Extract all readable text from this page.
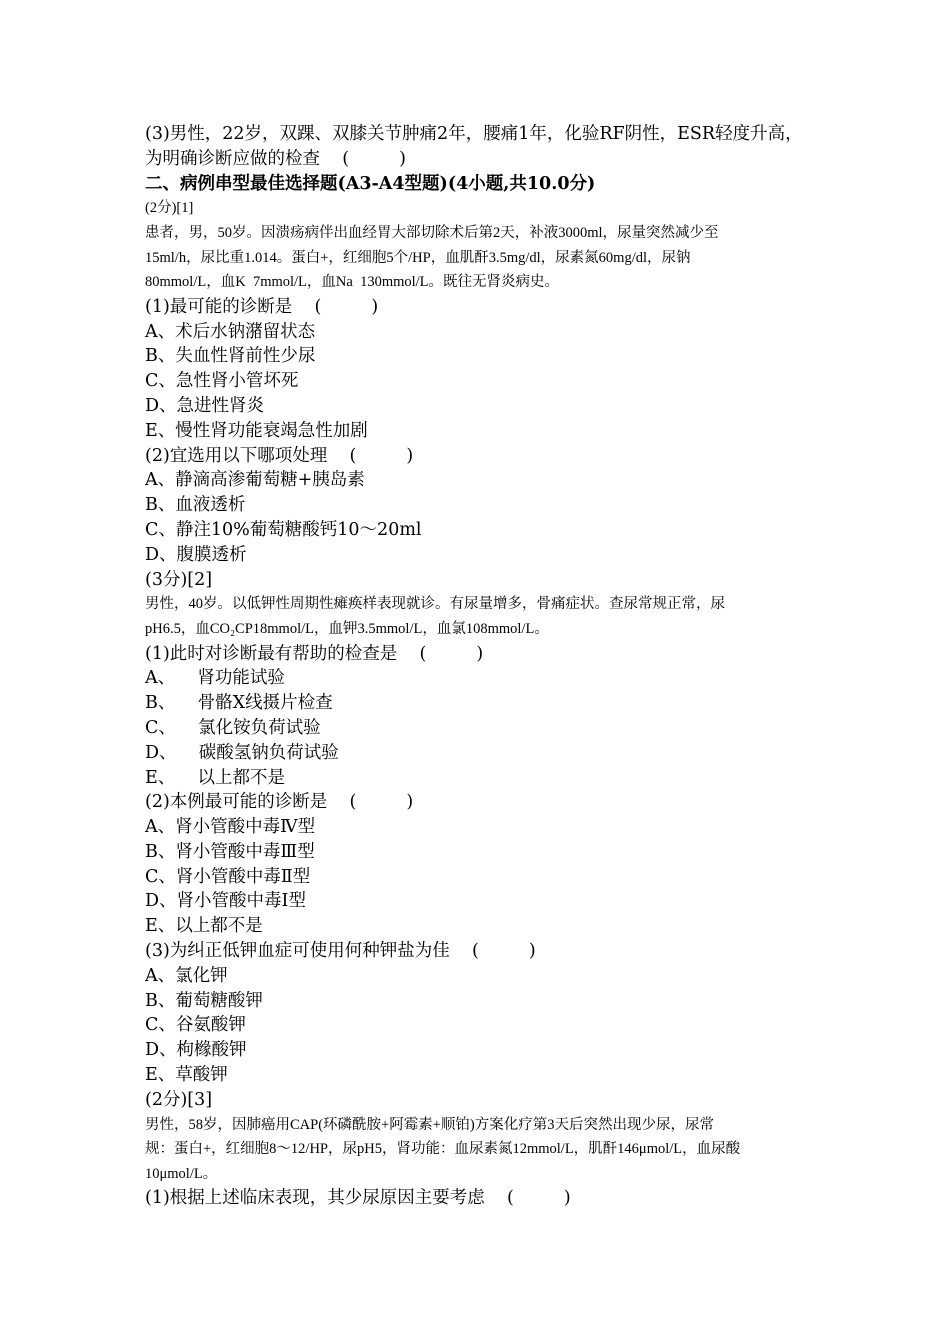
(3)男性，22岁，双踝、双膝关节肿痛2年，腰痛1年，化验RF阴性，ESR轻度升高，
为明确诊断应做的检查    (         )
二、病例串型最佳选择题(A3-A4型题)(4小题,共10.0分)
(2分)[1]
患者，男，50岁。因溃疡病伴出血经胃大部切除术后第2天，补液3000ml，尿量突然减少至
15ml/h，尿比重1.014。蛋白+，红细胞5个/HP，血肌酐3.5mg/dl，尿素氮60mg/dl，尿钠
80mmol/L，血K  7mmol/L，血Na  130mmol/L。既往无肾炎病史。
(1)最可能的诊断是    (         )
A、术后水钠潴留状态
B、失血性肾前性少尿
C、急性肾小管坏死
D、急进性肾炎
E、慢性肾功能衰竭急性加剧
(2)宜选用以下哪项处理    (         )
A、静滴高渗葡萄糖+胰岛素
B、血液透析
C、静注10%葡萄糖酸钙10～20ml
D、腹膜透析
(3分)[2]
男性，40岁。以低钾性周期性瘫痪样表现就诊。有尿量增多，骨痛症状。查尿常规正常，尿
pH6.5，血CO₂CP18mmol/L，血钾3.5mmol/L，血氯108mmol/L。
(1)此时对诊断最有帮助的检查是    (         )
A、    肾功能试验
B、    骨骼X线摄片检查
C、    氯化铵负荷试验
D、    碳酸氢钠负荷试验
E、    以上都不是
(2)本例最可能的诊断是    (         )
A、肾小管酸中毒Ⅳ型
B、肾小管酸中毒Ⅲ型
C、肾小管酸中毒Ⅱ型
D、肾小管酸中毒Ⅰ型
E、以上都不是
(3)为纠正低钾血症可使用何种钾盐为佳    (         )
A、氯化钾
B、葡萄糖酸钾
C、谷氨酸钾
D、枸橼酸钾
E、草酸钾
(2分)[3]
男性，58岁，因肺癌用CAP(环磷酰胺+阿霉素+顺铂)方案化疗第3天后突然出现少尿，尿常
规：蛋白+，红细胞8～12/HP，尿pH5，肾功能：血尿素氮12mmol/L，肌酐146μmol/L，血尿酸
10μmol/L。
(1)根据上述临床表现，其少尿原因主要考虑    (         )
